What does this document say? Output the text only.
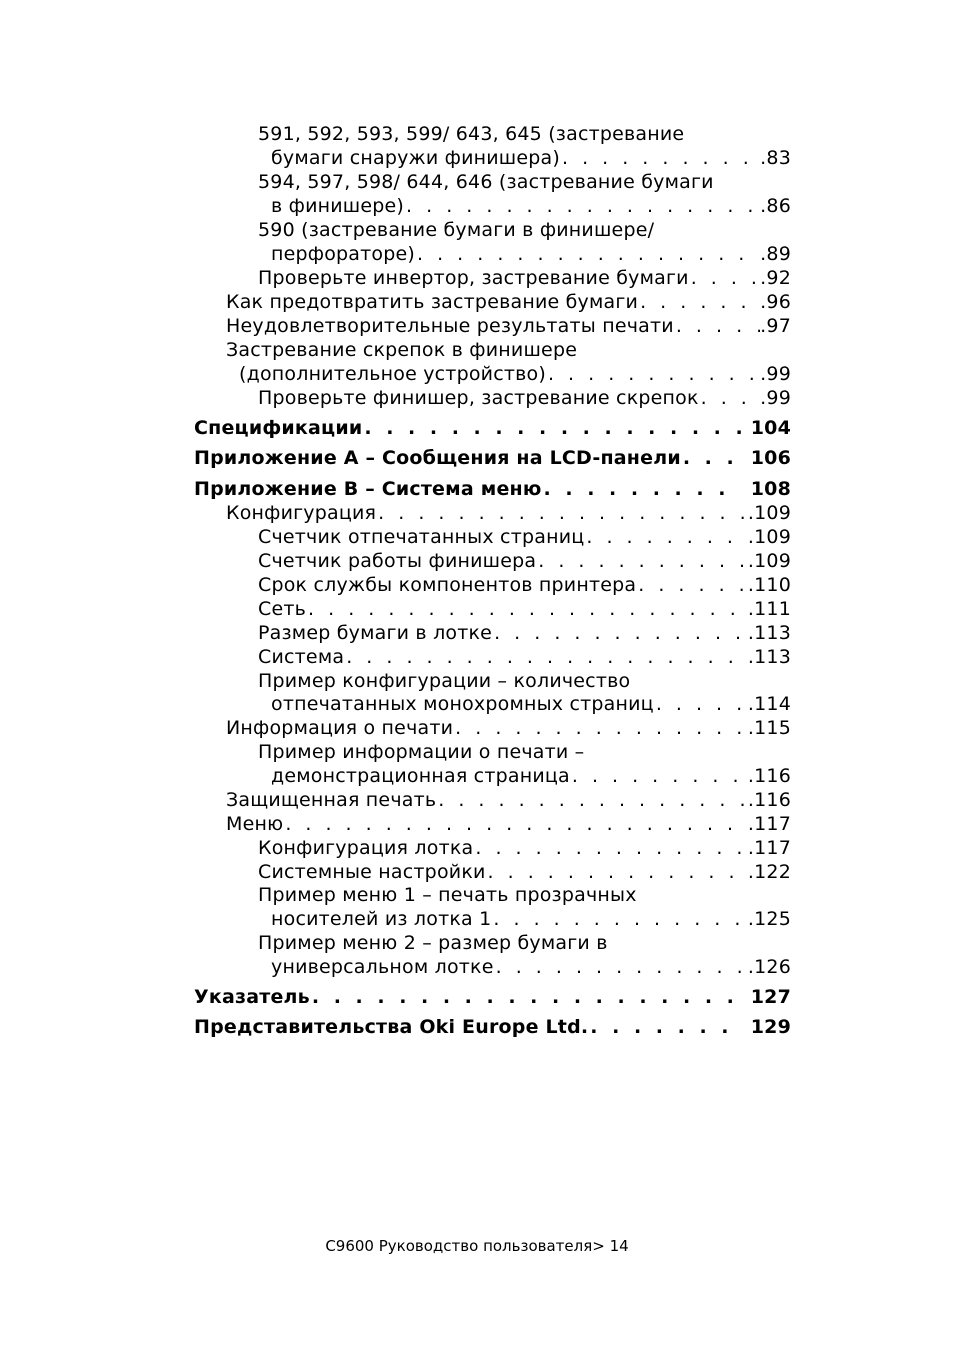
591, 592, 593, 599/ 643, 645 (застревание
бумаги снаружи финишера) . . .	.83
594, 597, 598/ 644, 646 (застревание бумаги
в финишере) . . .	.86
590 (застревание бумаги в финишере/
перфораторе) . . .	.89
Проверьте инвертор, застревание бумаги . . .	.92
Как предотвратить застревание бумаги . . .	.96
Неудовлетворительные результаты печати . . .	.97
Застревание скрепок в финишере
(дополнительное устройство) . . .	.99
Проверьте финишер, застревание скрепок . . .	.99
Спецификации . . .	104
Приложение A – Сообщения на LCD-панели . . .	106
Приложение B – Система меню . . .	108
Конфигурация . . .	.109
Счетчик отпечатанных страниц . . .	.109
Счетчик работы финишера . . .	.109
Срок службы компонентов принтера . . .	.110
Сеть . . .	.111
Размер бумаги в лотке . . .	.113
Система . . .	.113
Пример конфигурации – количество
отпечатанных монохромных страниц . . .	.114
Информация о печати . . .	.115
Пример информации о печати –
демонстрационная страница . . .	.116
Защищенная печать . . .	.116
Меню . . .	.117
Конфигурация лотка . . .	.117
Системные настройки . . .	.122
Пример меню 1 – печать прозрачных
носителей из лотка 1 . . .	.125
Пример меню 2 – размер бумаги в
универсальном лотке . . .	.126
Указатель . . .	127
Представительства Oki Europe Ltd. . . .	129
C9600 Руководство пользователя> 14
